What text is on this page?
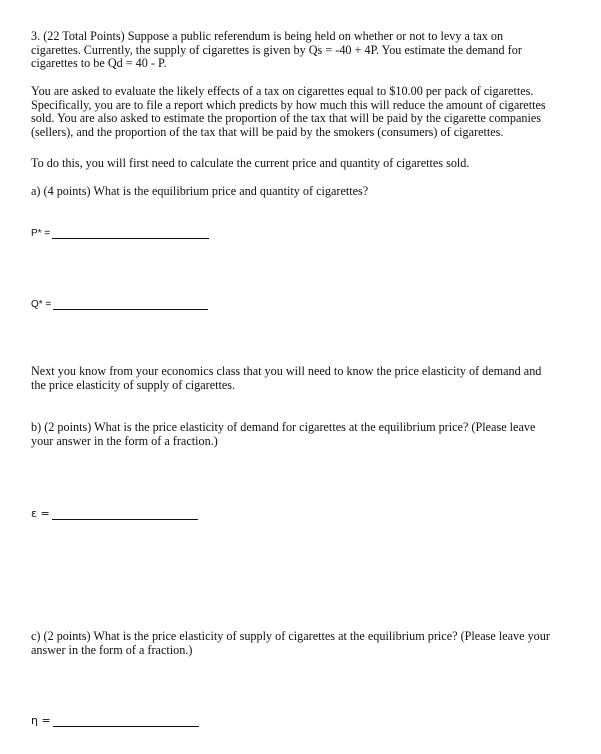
3. (22 Total Points) Suppose a public referendum is being held on whether or not to levy a tax on cigarettes. Currently, the supply of cigarettes is given by Qs = -40 + 4P. You estimate the demand for cigarettes to be Qd = 40 - P.

You are asked to evaluate the likely effects of a tax on cigarettes equal to $10.00 per pack of cigarettes. Specifically, you are to file a report which predicts by how much this will reduce the amount of cigarettes sold. You are also asked to estimate the proportion of the tax that will be paid by the cigarette companies (sellers), and the proportion of the tax that will be paid by the smokers (consumers) of cigarettes.

To do this, you will first need to calculate the current price and quantity of cigarettes sold.

a) (4 points) What is the equilibrium price and quantity of cigarettes?

P* =
Q* =

Next you know from your economics class that you will need to know the price elasticity of demand and the price elasticity of supply of cigarettes.

b) (2 points) What is the price elasticity of demand for cigarettes at the equilibrium price? (Please leave your answer in the form of a fraction.)

ε =

c) (2 points) What is the price elasticity of supply of cigarettes at the equilibrium price? (Please leave your answer in the form of a fraction.)

η =
